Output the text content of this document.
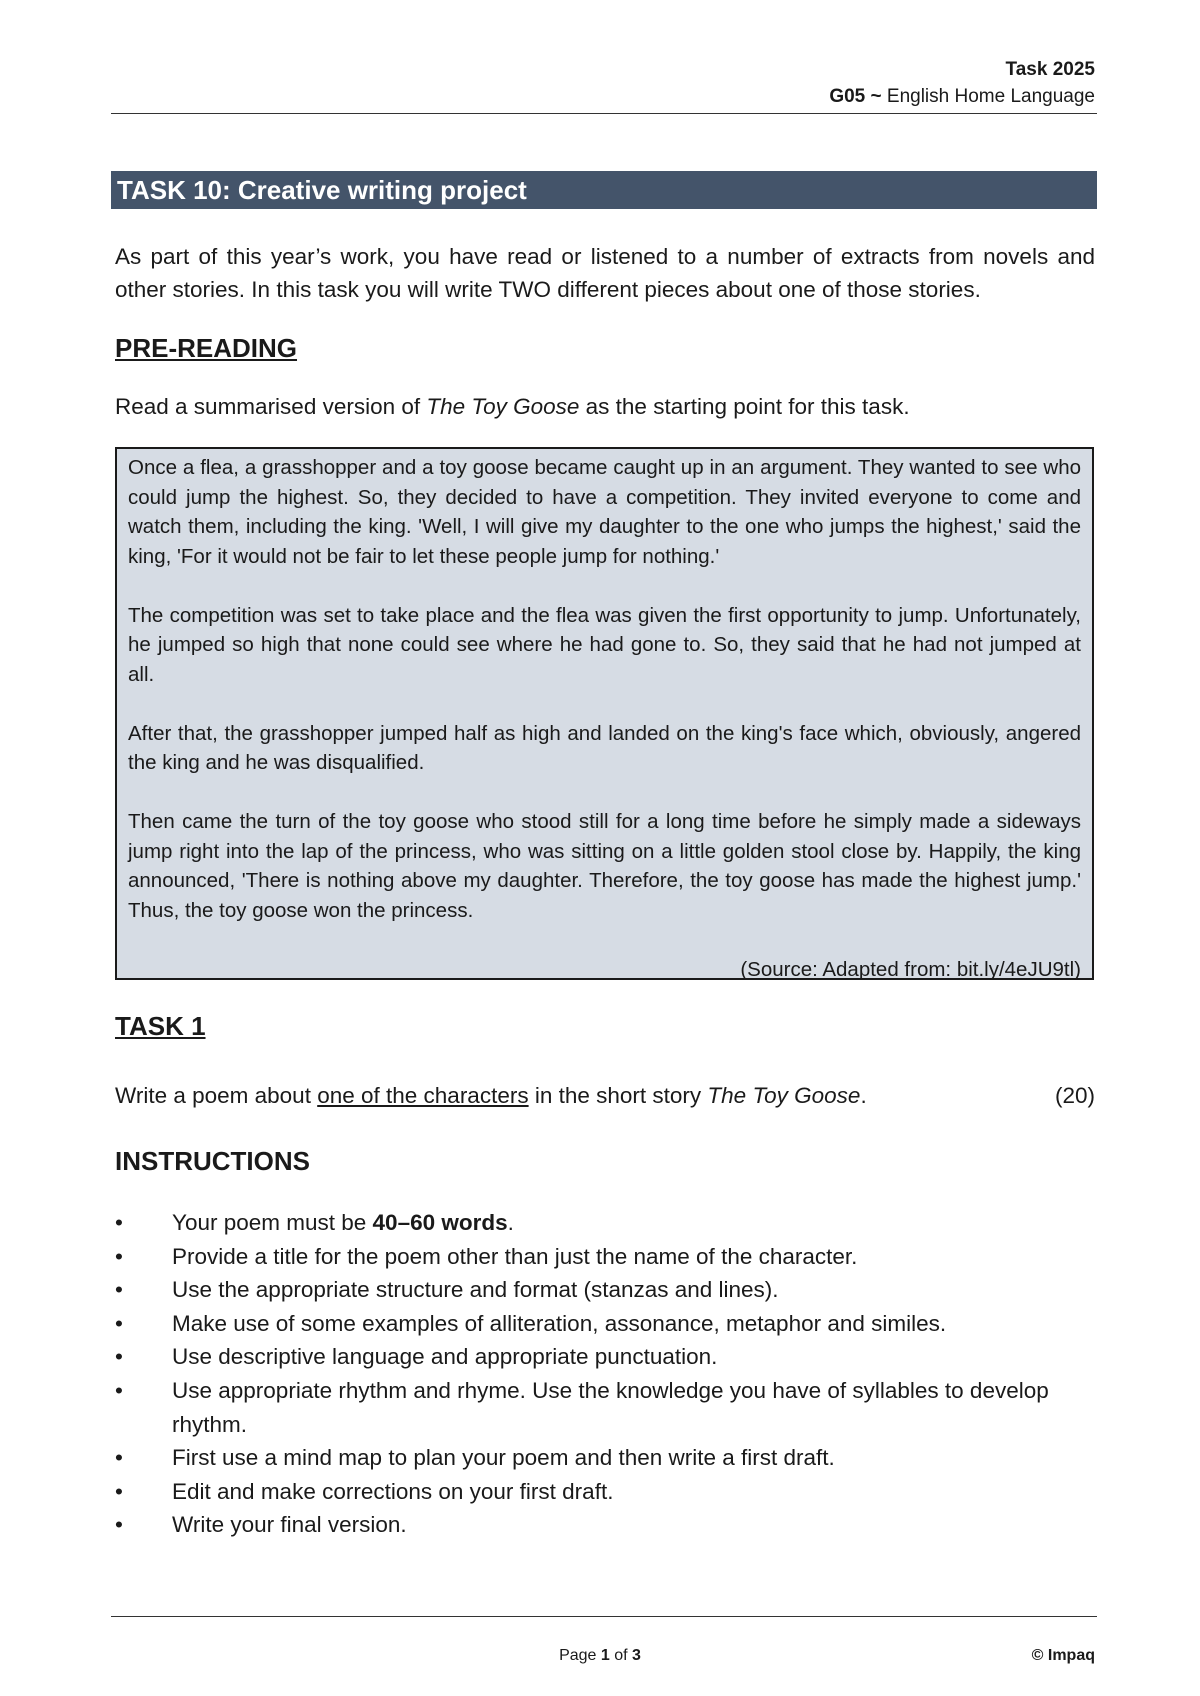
Task 2025
G05 ~ English Home Language
TASK 10: Creative writing project
As part of this year’s work, you have read or listened to a number of extracts from novels and other stories. In this task you will write TWO different pieces about one of those stories.
PRE-READING
Read a summarised version of The Toy Goose as the starting point for this task.

Once a flea, a grasshopper and a toy goose became caught up in an argument. They wanted to see who could jump the highest. So, they decided to have a competition. They invited everyone to come and watch them, including the king. 'Well, I will give my daughter to the one who jumps the highest,' said the king, 'For it would not be fair to let these people jump for nothing.'

The competition was set to take place and the flea was given the first opportunity to jump. Unfortunately, he jumped so high that none could see where he had gone to. So, they said that he had not jumped at all.

After that, the grasshopper jumped half as high and landed on the king's face which, obviously, angered the king and he was disqualified.

Then came the turn of the toy goose who stood still for a long time before he simply made a sideways jump right into the lap of the princess, who was sitting on a little golden stool close by. Happily, the king announced, 'There is nothing above my daughter. Therefore, the toy goose has made the highest jump.' Thus, the toy goose won the princess.

(Source: Adapted from: bit.ly/4eJU9tl)
TASK 1
Write a poem about one of the characters in the short story The Toy Goose.	(20)
INSTRUCTIONS
• Your poem must be 40–60 words.
• Provide a title for the poem other than just the name of the character.
• Use the appropriate structure and format (stanzas and lines).
• Make use of some examples of alliteration, assonance, metaphor and similes.
• Use descriptive language and appropriate punctuation.
• Use appropriate rhythm and rhyme. Use the knowledge you have of syllables to develop rhythm.
• First use a mind map to plan your poem and then write a first draft.
• Edit and make corrections on your first draft.
• Write your final version.
Page 1 of 3	© Impaq
